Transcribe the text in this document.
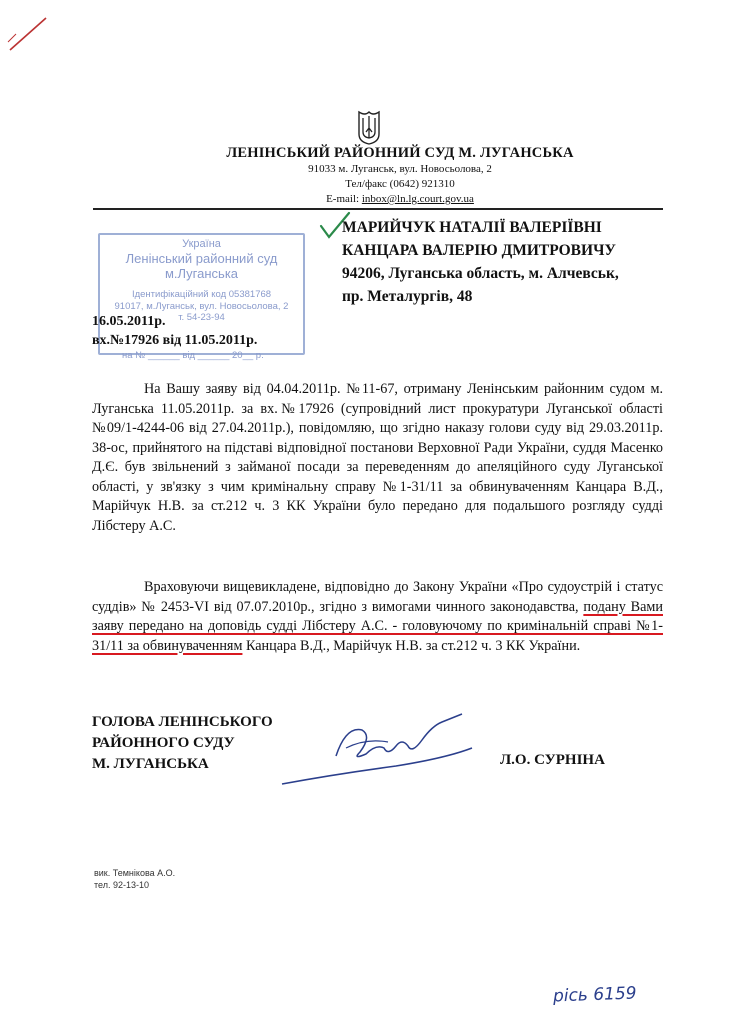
ЛЕНІНСЬКИЙ РАЙОННИЙ СУД М. ЛУГАНСЬКА
91033 м. Луганськ, вул. Новосьолова, 2
Тел/факс (0642) 921310
E-mail: inbox@ln.lg.court.gov.ua
МАРИЙЧУК НАТАЛІЇ ВАЛЕРІЇВНІ
КАНЦАРА ВАЛЕРІЮ ДМИТРОВИЧУ
94206, Луганська область, м. Алчевськ,
пр. Металургів, 48
Україна
Ленінський районний суд
м.Луганська
Ідентифікаційний код 05381768
91017, м.Луганськ, вул. Новосьолова, 2
т. 54-23-94
16.05.2011р.
вх.№17926 від 11.05.2011р.
на № ______ від ______ 20__ р.
На Вашу заяву від 04.04.2011р. №11-67, отриману Ленінським районним судом м. Луганська 11.05.2011р. за вх.№17926 (супровідний лист прокуратури Луганської області №09/1-4244-06 від 27.04.2011р.), повідомляю, що згідно наказу голови суду від 29.03.2011р. 38-ос, прийнятого на підставі відповідної постанови Верховної Ради України, суддя Масенко Д.Є. був звільнений з займаної посади за переведенням до апеляційного суду Луганської області, у зв'язку з чим кримінальну справу №1-31/11 за обвинуваченням Канцара В.Д., Марійчук Н.В. за ст.212 ч. 3 КК України було передано для подальшого розгляду судді Лібстеру А.С.
Враховуючи вищевикладене, відповідно до Закону України «Про судоустрій і статус суддів» № 2453-VI від 07.07.2010р., згідно з вимогами чинного законодавства, подану Вами заяву передано на доповідь судді Лібстеру А.С. - головуючому по кримінальній справі №1-31/11 за обвинуваченням Канцара В.Д., Марійчук Н.В. за ст.212 ч. 3 КК України.
ГОЛОВА ЛЕНІНСЬКОГО
РАЙОННОГО СУДУ
М. ЛУГАНСЬКА	Л.О. СУРНІНА
вик. Темнікова А.О.
тел. 92-13-10
рісь 6159
